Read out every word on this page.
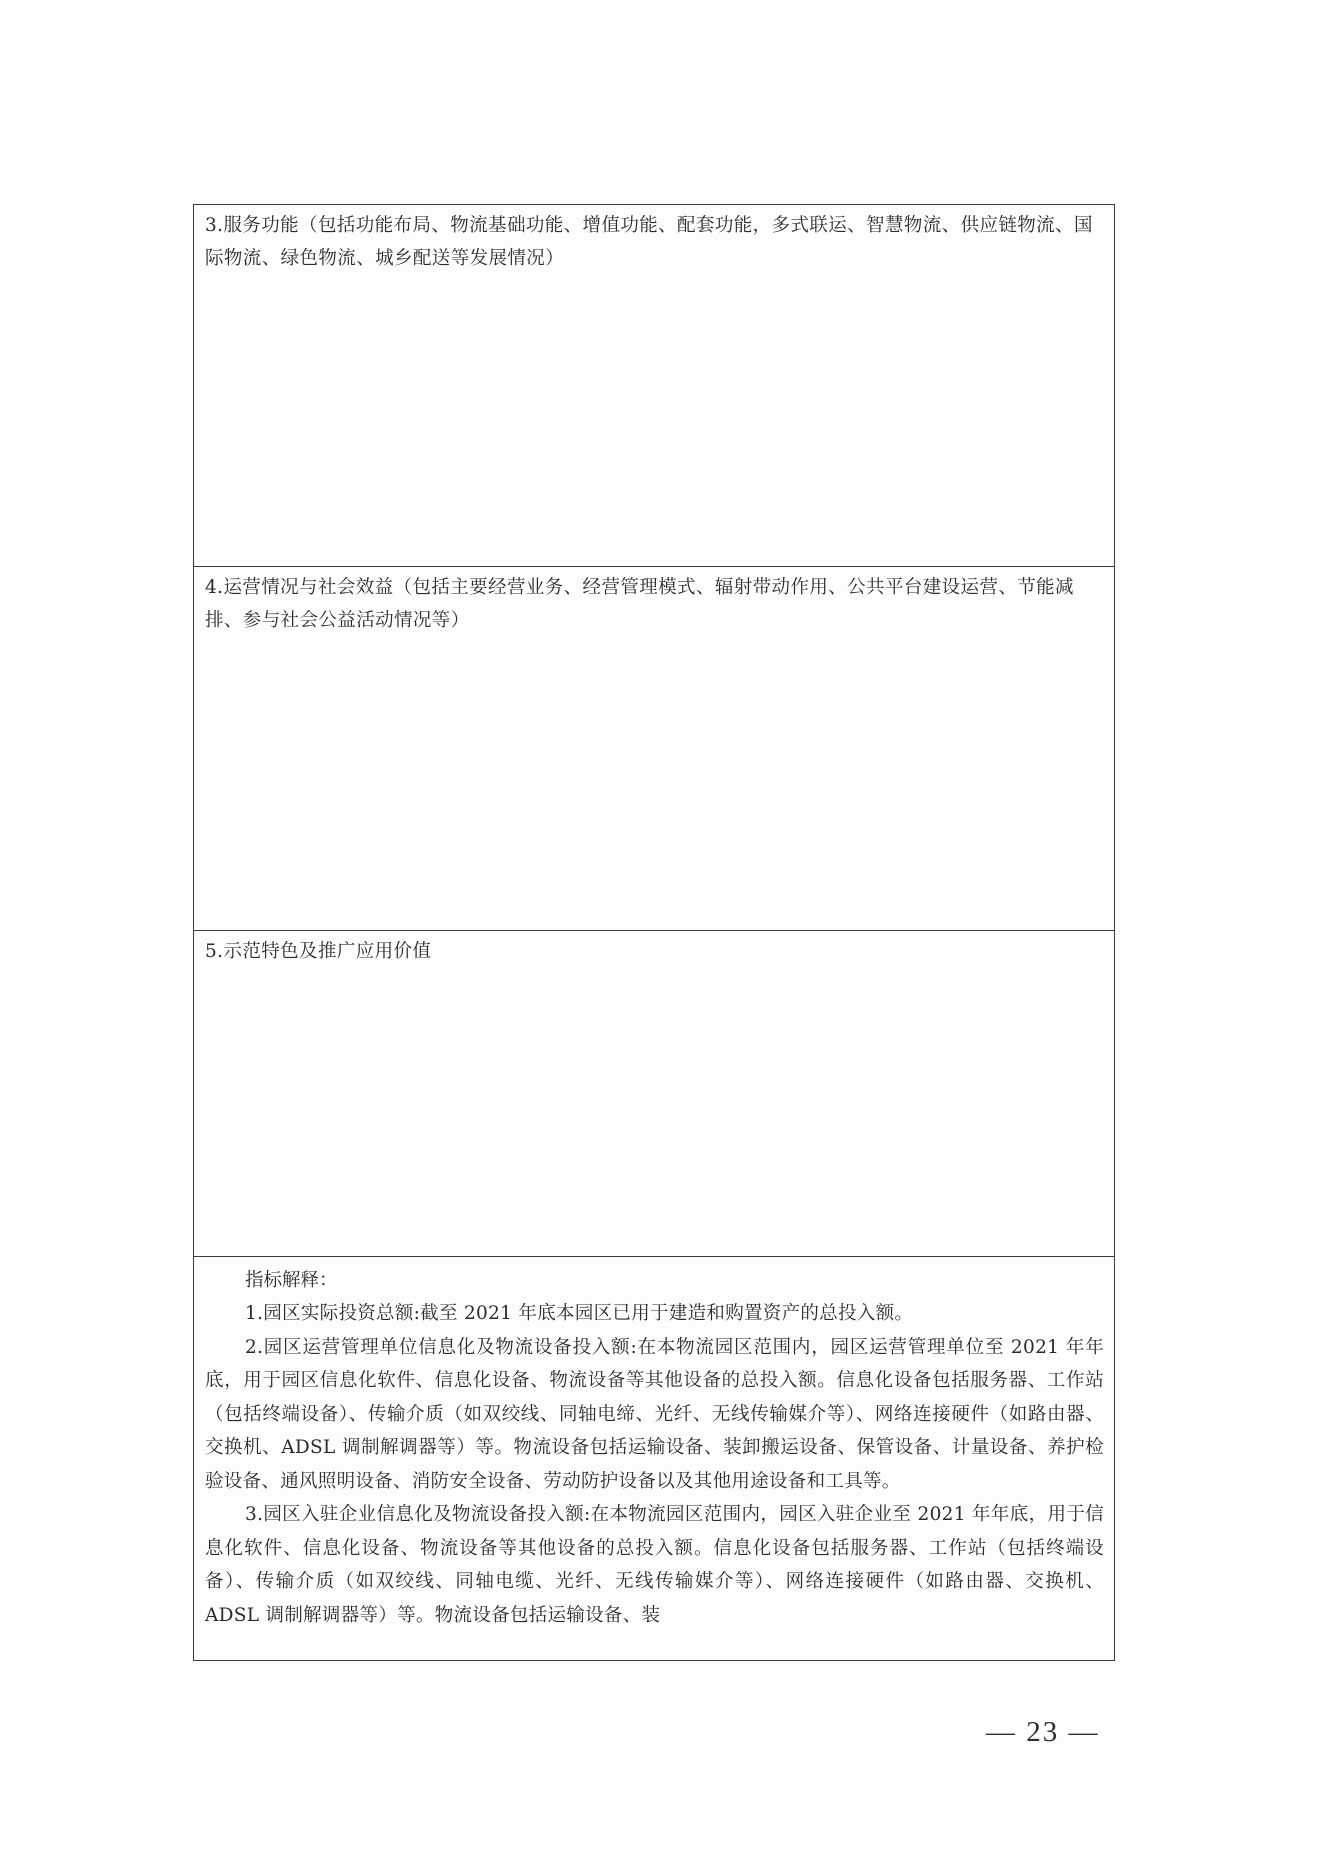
3.服务功能（包括功能布局、物流基础功能、增值功能、配套功能，多式联运、智慧物流、供应链物流、国际物流、绿色物流、城乡配送等发展情况）

4.运营情况与社会效益（包括主要经营业务、经营管理模式、辐射带动作用、公共平台建设运营、节能减排、参与社会公益活动情况等）

5.示范特色及推广应用价值

指标解释：

1.园区实际投资总额:截至 2021 年底本园区已用于建造和购置资产的总投入额。

2.园区运营管理单位信息化及物流设备投入额:在本物流园区范围内，园区运营管理单位至 2021 年年底，用于园区信息化软件、信息化设备、物流设备等其他设备的总投入额。信息化设备包括服务器、工作站（包括终端设备）、传输介质（如双绞线、同轴电缔、光纤、无线传输媒介等）、网络连接硬件（如路由器、交换机、ADSL 调制解调器等）等。物流设备包括运输设备、装卸搬运设备、保管设备、计量设备、养护检验设备、通风照明设备、消防安全设备、劳动防护设备以及其他用途设备和工具等。

3.园区入驻企业信息化及物流设备投入额:在本物流园区范围内，园区入驻企业至 2021 年年底，用于信息化软件、信息化设备、物流设备等其他设备的总投入额。信息化设备包括服务器、工作站（包括终端设备）、传输介质（如双绞线、同轴电缆、光纤、无线传输媒介等）、网络连接硬件（如路由器、交换机、ADSL 调制解调器等）等。物流设备包括运输设备、装

— 23 —
